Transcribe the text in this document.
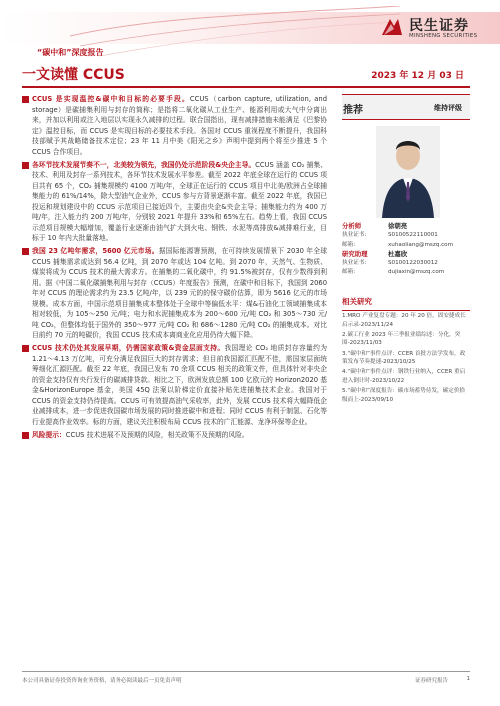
民生证券
MINSHENG SECURITIES
“碳中和”深度报告
一文读懂 CCUS	2023 年 12 月 03 日

CCUS 是实现温控&碳中和目标的必要手段。CCUS（carbon capture, utilization, and storage）是碳捕集利用与封存的简称；是指将二氧化碳从工业生产、能源利用或大气中分离出来，并加以利用或注入地层以实现永久减排的过程。联合国指出，现有减排措施未能满足《巴黎协定》温控目标，而 CCUS 是实现目标的必要技术手段。各国对 CCUS 重视程度不断提升，我国科技部赋予其战略储备技术定位；23 年 11 月中美《阳光之乡》声明中提到两个将至少推进 5 个 CCUS 合作项目。

各环节技术发展节奏不一，北美较为领先，我国仍处示范阶段&央企主导。CCUS 涵盖 CO₂ 捕集、技术、利用及封存一系列技术，各环节技术发展水平参差。截至 2022 年底全球在运行的 CCUS 项目共有 65 个，CO₂ 捕集规模约 4100 万吨/年，全球正在运行的 CCUS 项目中北美/欧洲占全球捕集能力的 61%/14%，除大型油气企业外，CCUS 参与方背景逐渐丰富。截至 2022 年底，我国已投运和规划建设中的 CCUS 示范项目已接近四个，主要由央企&央企主导；捕集能力约为 400 万吨/年，注入能力约 200 万吨/年，分别较 2021 年提升 33%和 65%左右。趋势上看，我国 CCUS 示范项目规模大幅增加，覆盖行业逐渐由油气扩大到火电、钢铁、水泥等高排放&减排难行业，目标于 10 年内大批量落地。

我国 23 亿吨年需求，5600 亿元市场。据国际能源署预测，在可持续发展情景下 2030 年全球 CCUS 捕集需求或达到 56.4 亿吨，到 2070 年或达 104 亿吨。到 2070 年，天然气、生物质、煤炭将成为 CCUS 技术的最大需求方。在捕集的二氧化碳中，约 91.5%被封存，仅有少数得到利用。据《中国二氧化碳捕集利用与封存（CCUS）年度报告》预测，在碳中和目标下，我国到 2060 年对 CCUS 的理论需求约为 23.5 亿吨/年，以 239 元的的保守碳价估算，即为 5616 亿元的市场规模。成本方面，中国示范项目捕集成本整体处于全球中等偏低水平：煤&石油化工领域捕集成本相对较低，为 105～250 元/吨；电力和水泥捕集成本为 200～600 元/吨 CO₂ 和 305～730 元/吨 CO₂，但整体均低于国外的 350～977 元/吨 CO₂ 和 686～1280 元/吨 CO₂ 的捕集成本。对比目前约 70 元的吨碳价，我国 CCUS 技术成本离商业化应用仍待大幅下降。

CCUS 技术仍处其发展早期，仍需国家政策&资金层面支持。我国理论 CO₂ 地质封存容量约为 1.21～4.13 万亿吨，可充分满足我国巨大的封存需求；但目前我国源汇匹配不佳，需国家层面统筹细化汇源匹配。截至 22 年底，我国已发布 70 余项 CCUS 相关的政策文件，但具体针对非央企的资金支持仅有央行发行的碳减排贷款。相比之下，欧洲发放总额 100 亿欧元的 Horizon2020 基金&HorizonEurope 基金，美国 45Q 法案以阶梯定价直接补贴先进捕集技术企业。我国对于 CCUS 的资金支持仍待提高。CCUS 可有效提高油气采收率，此外，发展 CCUS 技术将大幅降低企业减排成本，进一步促进我国碳市场发展的同时推进碳中和进程；同时 CCUS 有利于制氢、石化等行业提高作业效率。标的方面，建议关注积极布局 CCUS 技术的广汇能源、龙净环保等企业。

风险提示：CCUS 技术进展不及预期的风险，相关政策不及预期的风险。

推荐	维持评级
分析师	徐朝亮
执业证书:	S0100522110001
邮箱:	xuhaoliang@mszq.com
研究助理	杜嘉欣
执业证书:	S0100122030012
邮箱:	dujiaxin@mszq.com
相关研究
1.MRO 产业复盘专题：20 年 20 倍，固安捷成长启示录-2023/11/24
2.碳工行业 2023 年三季报业绩综述：分化，突围-2023/11/03
3.“碳中和”事件点评：CCER 首批方法学发布，政策发布节奏提速-2023/10/25
4.“碳中和”事件点评：钢铁行业纳入，CCER 重启进入倒计时-2023/10/22
5.“碳中和”深度报告：碳市场蓄势待发，碳定价拾级而上-2023/09/10
本公司具备证券投资咨询业务资格，请务必阅读最后一页免责声明	证券研究报告	1
